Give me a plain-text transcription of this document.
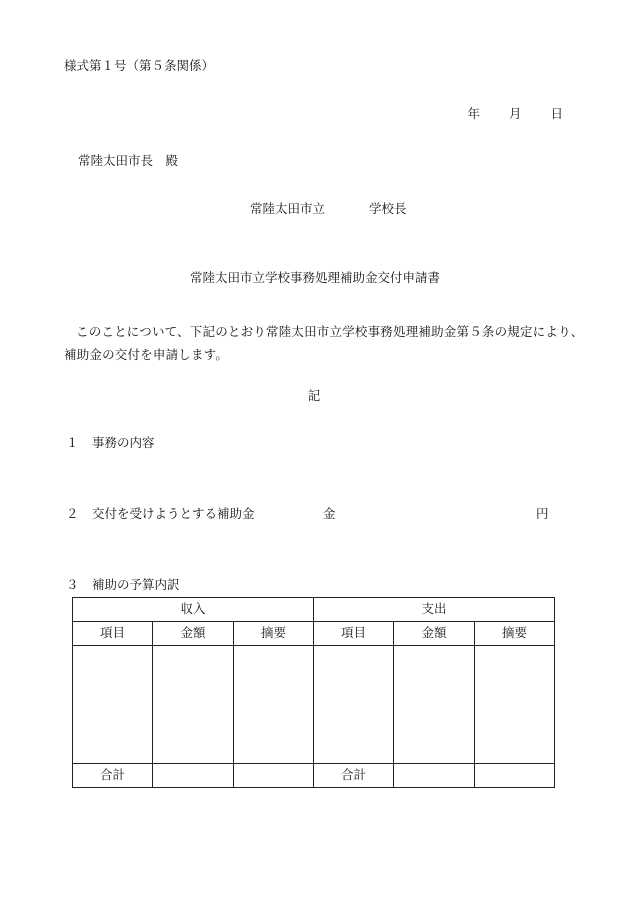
様式第１号（第５条関係）
年 月 日
常陸太田市長　殿
常陸太田市立	学校長
常陸太田市立学校事務処理補助金交付申請書
このことについて、下記のとおり常陸太田市立学校事務処理補助金第５条の規定により、補助金の交付を申請します。
記
１ 事務の内容
２ 交付を受けようとする補助金	金	円
３ 補助の予算内訳
収入			支出		
項目	金額	摘要	項目	金額	摘要

合計			合計		
